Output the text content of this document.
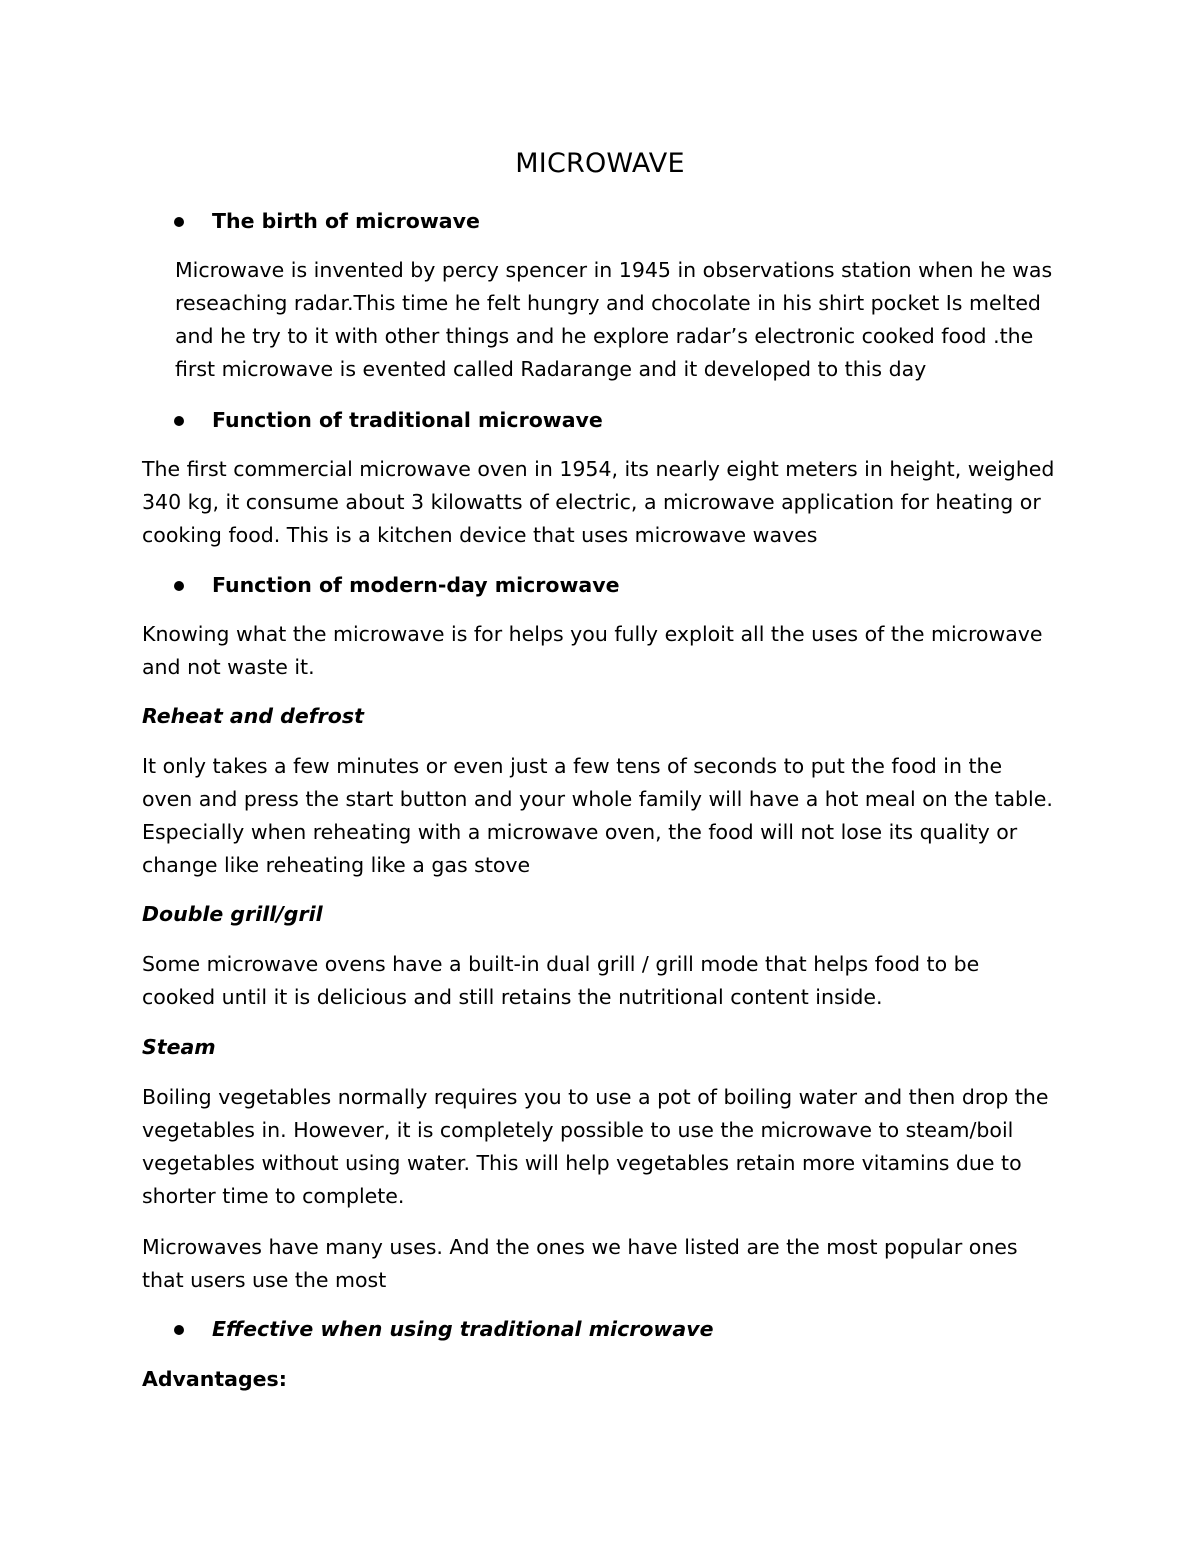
MICROWAVE
The birth of microwave
Microwave is invented by percy spencer in 1945 in observations station when he was
reseaching radar.This time he felt hungry and chocolate in his shirt pocket Is melted
and he try to it with other things and he explore radar’s electronic cooked food .the
first microwave is evented called Radarange and it developed to this day
Function of traditional microwave
The first commercial microwave oven in 1954, its nearly eight meters in height, weighed
340 kg, it consume about 3 kilowatts of electric, a microwave application for heating or
cooking food. This is a kitchen device that uses microwave waves
Function of modern-day microwave
Knowing what the microwave is for helps you fully exploit all the uses of the microwave
and not waste it.
Reheat and defrost
It only takes a few minutes or even just a few tens of seconds to put the food in the
oven and press the start button and your whole family will have a hot meal on the table.
Especially when reheating with a microwave oven, the food will not lose its quality or
change like reheating like a gas stove
Double grill/gril
Some microwave ovens have a built-in dual grill / grill mode that helps food to be
cooked until it is delicious and still retains the nutritional content inside.
Steam
Boiling vegetables normally requires you to use a pot of boiling water and then drop the
vegetables in. However, it is completely possible to use the microwave to steam/boil
vegetables without using water. This will help vegetables retain more vitamins due to
shorter time to complete.
Microwaves have many uses. And the ones we have listed are the most popular ones
that users use the most
Effective when using traditional microwave
Advantages:
